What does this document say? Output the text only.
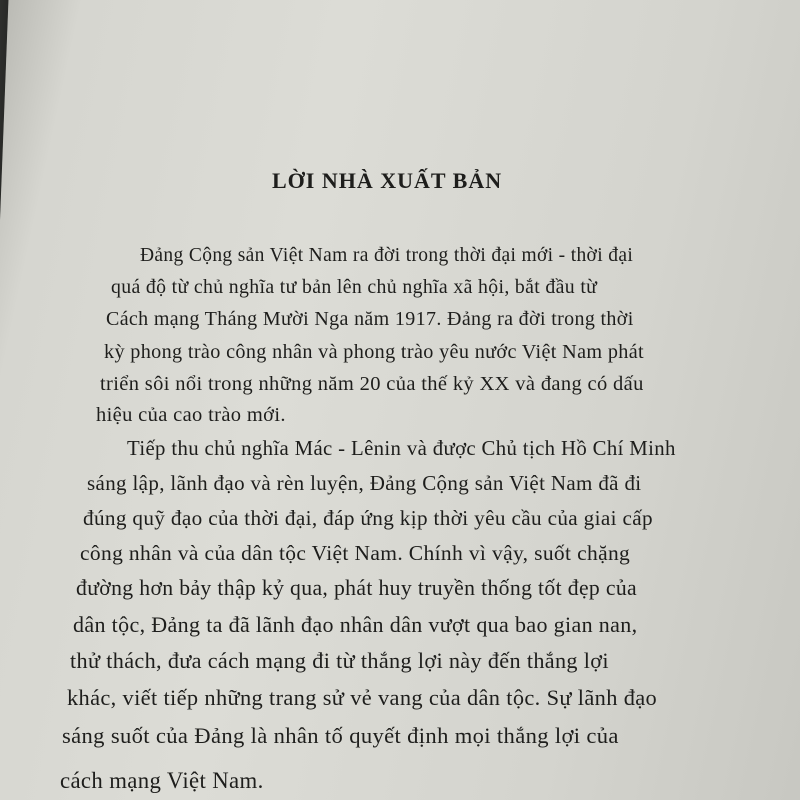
LỜI NHÀ XUẤT BẢN
Đảng Cộng sản Việt Nam ra đời trong thời đại mới - thời đại
quá độ từ chủ nghĩa tư bản lên chủ nghĩa xã hội, bắt đầu từ
Cách mạng Tháng Mười Nga năm 1917. Đảng ra đời trong thời
kỳ phong trào công nhân và phong trào yêu nước Việt Nam phát
triển sôi nổi trong những năm 20 của thế kỷ XX và đang có dấu
hiệu của cao trào mới.
Tiếp thu chủ nghĩa Mác - Lênin và được Chủ tịch Hồ Chí Minh
sáng lập, lãnh đạo và rèn luyện, Đảng Cộng sản Việt Nam đã đi
đúng quỹ đạo của thời đại, đáp ứng kịp thời yêu cầu của giai cấp
công nhân và của dân tộc Việt Nam. Chính vì vậy, suốt chặng
đường hơn bảy thập kỷ qua, phát huy truyền thống tốt đẹp của
dân tộc, Đảng ta đã lãnh đạo nhân dân vượt qua bao gian nan,
thử thách, đưa cách mạng đi từ thắng lợi này đến thắng lợi
khác, viết tiếp những trang sử vẻ vang của dân tộc. Sự lãnh đạo
sáng suốt của Đảng là nhân tố quyết định mọi thắng lợi của
cách mạng Việt Nam.
